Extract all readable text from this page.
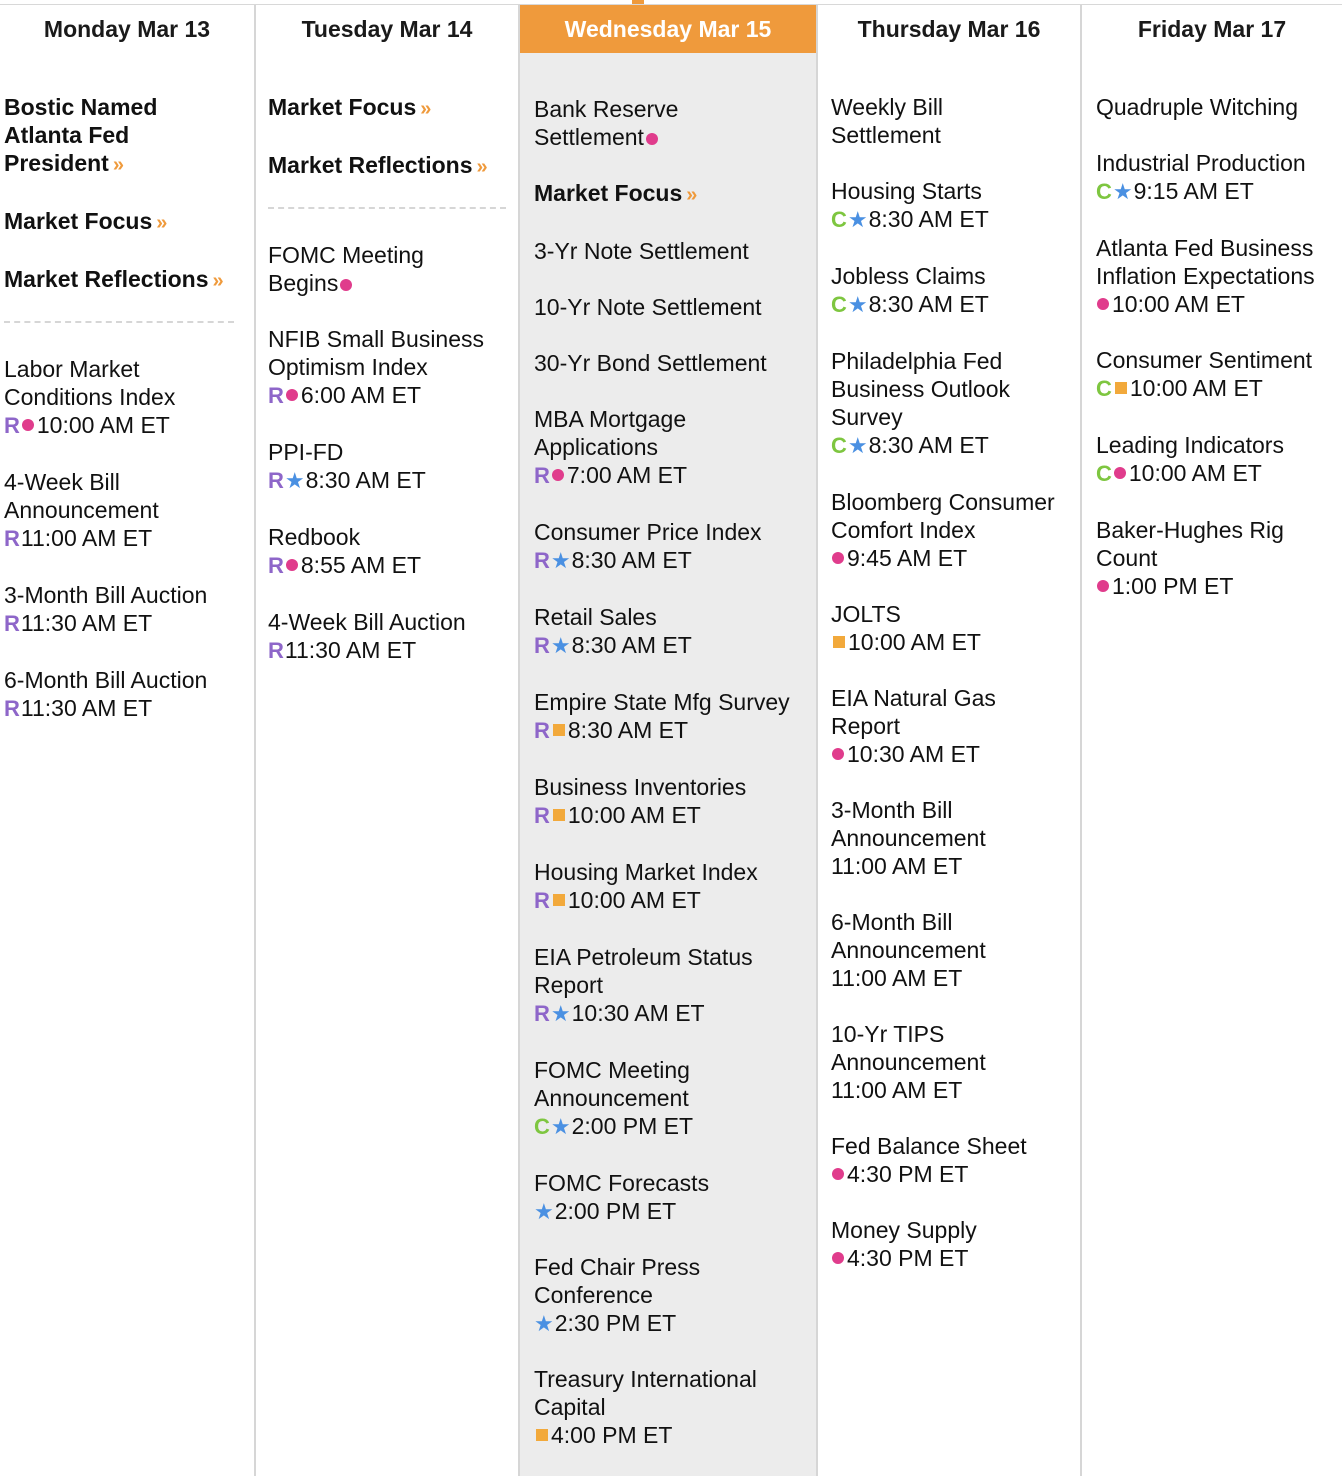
Monday Mar 13
Bostic Named Atlanta Fed President »
Market Focus »
Market Reflections »
Labor Market Conditions Index
R 10:00 AM ET
4-Week Bill Announcement
R11:00 AM ET
3-Month Bill Auction
R11:30 AM ET
6-Month Bill Auction
R11:30 AM ET
Tuesday Mar 14
Market Focus »
Market Reflections »
FOMC Meeting Begins
NFIB Small Business Optimism Index
R 6:00 AM ET
PPI-FD
R★8:30 AM ET
Redbook
R 8:55 AM ET
4-Week Bill Auction
R11:30 AM ET
Wednesday Mar 15
Bank Reserve Settlement
Market Focus »
3-Yr Note Settlement
10-Yr Note Settlement
30-Yr Bond Settlement
MBA Mortgage Applications
R 7:00 AM ET
Consumer Price Index
R★8:30 AM ET
Retail Sales
R★8:30 AM ET
Empire State Mfg Survey
R 8:30 AM ET
Business Inventories
R 10:00 AM ET
Housing Market Index
R 10:00 AM ET
EIA Petroleum Status Report
R★10:30 AM ET
FOMC Meeting Announcement
C★2:00 PM ET
FOMC Forecasts
★2:00 PM ET
Fed Chair Press Conference
★2:30 PM ET
Treasury International Capital
4:00 PM ET
Thursday Mar 16
Weekly Bill Settlement
Housing Starts
C★8:30 AM ET
Jobless Claims
C★8:30 AM ET
Philadelphia Fed Business Outlook Survey
C★8:30 AM ET
Bloomberg Consumer Comfort Index
9:45 AM ET
JOLTS
10:00 AM ET
EIA Natural Gas Report
10:30 AM ET
3-Month Bill Announcement
11:00 AM ET
6-Month Bill Announcement
11:00 AM ET
10-Yr TIPS Announcement
11:00 AM ET
Fed Balance Sheet
4:30 PM ET
Money Supply
4:30 PM ET
Friday Mar 17
Quadruple Witching
Industrial Production
C★9:15 AM ET
Atlanta Fed Business Inflation Expectations
10:00 AM ET
Consumer Sentiment
C 10:00 AM ET
Leading Indicators
C 10:00 AM ET
Baker-Hughes Rig Count
1:00 PM ET
